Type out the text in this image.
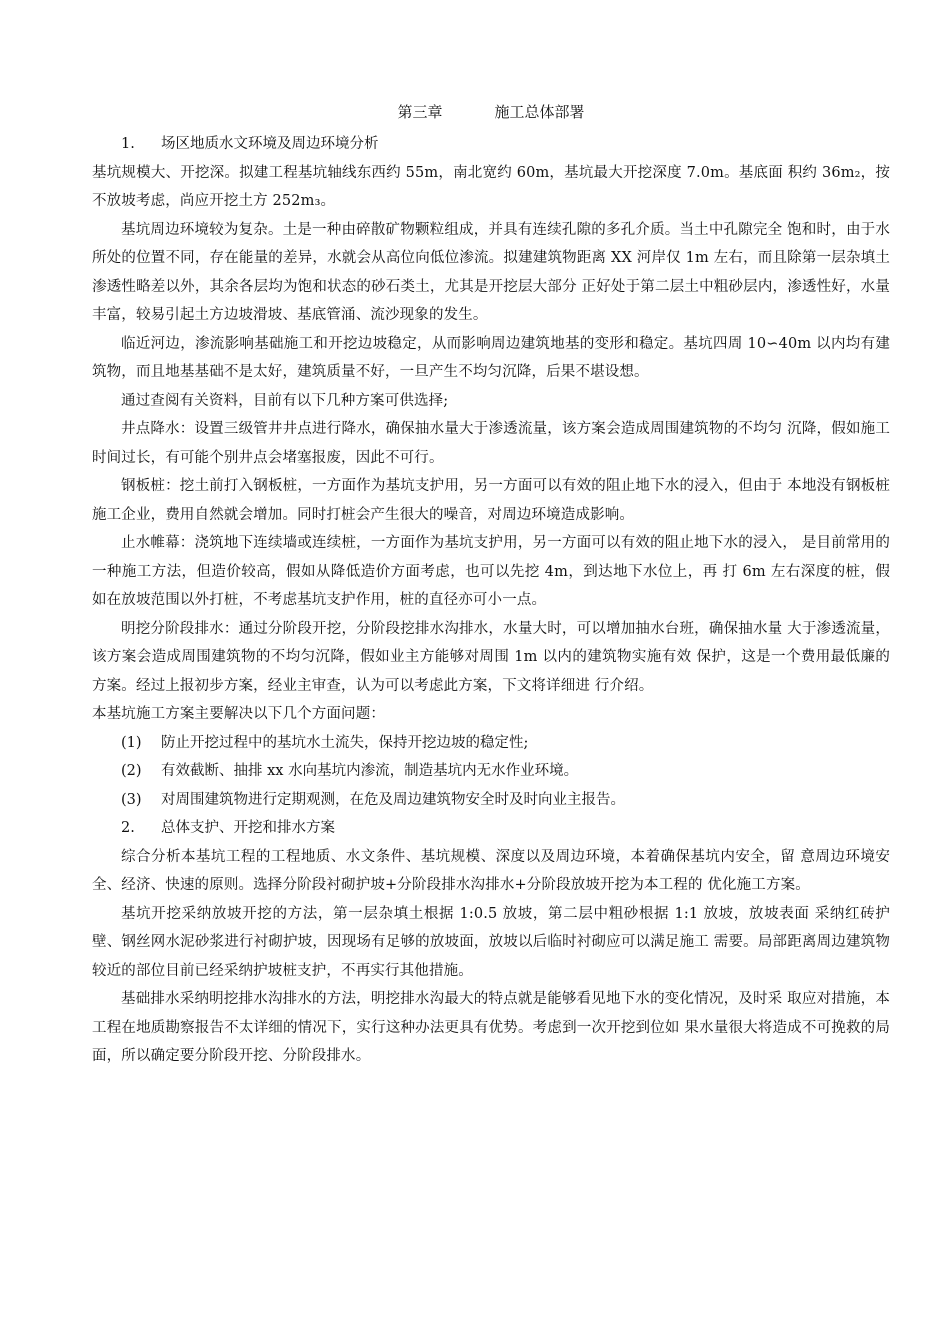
第三章	施工总体部署
1. 场区地质水文环境及周边环境分析

基坑规模大、开挖深。拟建工程基坑轴线东西约 55m，南北宽约 60m，基坑最大开挖深度 7.0m。基底面 积约 36m₂，按不放坡考虑，尚应开挖土方 252m₃。

基坑周边环境较为复杂。土是一种由碎散矿物颗粒组成，并具有连续孔隙的多孔介质。当土中孔隙完全 饱和时，由于水所处的位置不同，存在能量的差异，水就会从高位向低位渗流。拟建建筑物距离 XX 河岸仅 1m 左右，而且除第一层杂填土渗透性略差以外，其余各层均为饱和状态的砂石类土，尤其是开挖层大部分 正好处于第二层土中粗砂层内，渗透性好，水量丰富，较易引起土方边坡滑坡、基底管涌、流沙现象的发生。

临近河边，渗流影响基础施工和开挖边坡稳定，从而影响周边建筑地基的变形和稳定。基坑四周 10∽40m 以内均有建筑物，而且地基基础不是太好，建筑质量不好，一旦产生不均匀沉降，后果不堪设想。

通过查阅有关资料，目前有以下几种方案可供选择;

井点降水：设置三级管井井点进行降水，确保抽水量大于渗透流量，该方案会造成周围建筑物的不均匀 沉降，假如施工时间过长，有可能个别井点会堵塞报废，因此不可行。

钢板桩：挖土前打入钢板桩，一方面作为基坑支护用，另一方面可以有效的阻止地下水的浸入，但由于 本地没有钢板桩施工企业，费用自然就会增加。同时打桩会产生很大的噪音，对周边环境造成影响。

止水帷幕：浇筑地下连续墙或连续桩，一方面作为基坑支护用，另一方面可以有效的阻止地下水的浸入， 是目前常用的一种施工方法，但造价较高，假如从降低造价方面考虑，也可以先挖 4m，到达地下水位上，再 打 6m 左右深度的桩，假如在放坡范围以外打桩，不考虑基坑支护作用，桩的直径亦可小一点。

明挖分阶段排水：通过分阶段开挖，分阶段挖排水沟排水，水量大时，可以增加抽水台班，确保抽水量 大于渗透流量，该方案会造成周围建筑物的不均匀沉降，假如业主方能够对周围 1m 以内的建筑物实施有效 保护，这是一个费用最低廉的方案。经过上报初步方案，经业主审查，认为可以考虑此方案，下文将详细进 行介绍。

本基坑施工方案主要解决以下几个方面问题：

(1) 防止开挖过程中的基坑水土流失，保持开挖边坡的稳定性;
(2) 有效截断、抽排 xx 水向基坑内渗流，制造基坑内无水作业环境。
(3) 对周围建筑物进行定期观测，在危及周边建筑物安全时及时向业主报告。
2. 总体支护、开挖和排水方案

综合分析本基坑工程的工程地质、水文条件、基坑规模、深度以及周边环境，本着确保基坑内安全，留 意周边环境安全、经济、快速的原则。选择分阶段衬砌护坡+分阶段排水沟排水+分阶段放坡开挖为本工程的 优化施工方案。

基坑开挖采纳放坡开挖的方法，第一层杂填土根据 1:0.5 放坡，第二层中粗砂根据 1:1 放坡，放坡表面 采纳红砖护壁、钢丝网水泥砂浆进行衬砌护坡，因现场有足够的放坡面，放坡以后临时衬砌应可以满足施工 需要。局部距离周边建筑物较近的部位目前已经采纳护坡桩支护，不再实行其他措施。

基础排水采纳明挖排水沟排水的方法，明挖排水沟最大的特点就是能够看见地下水的变化情况，及时采 取应对措施，本工程在地质勘察报告不太详细的情况下，实行这种办法更具有优势。考虑到一次开挖到位如 果水量很大将造成不可挽救的局面，所以确定要分阶段开挖、分阶段排水。
